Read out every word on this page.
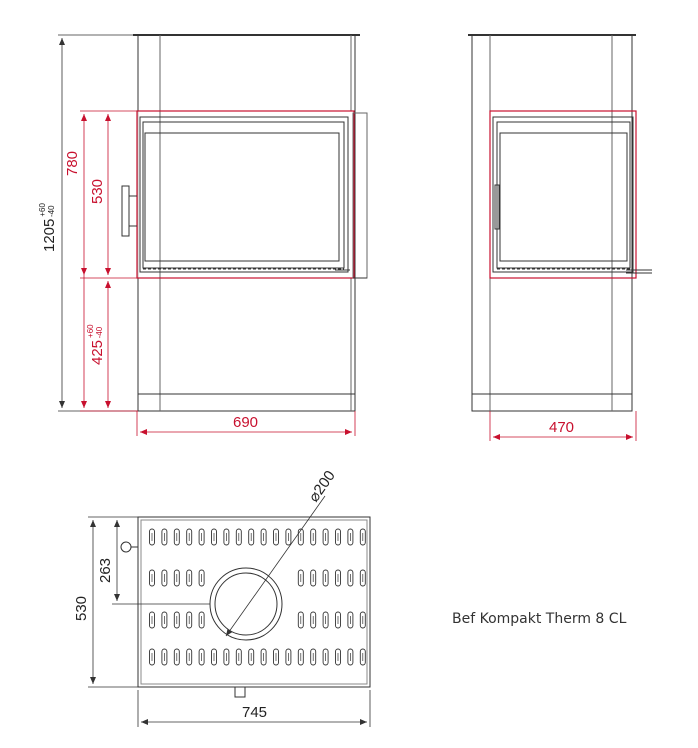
$1205^{+60}-40$
780
530
$425^{+60}-40$
690	470
263
530
745
⌀200
Bef Kompakt Therm 8 CL
